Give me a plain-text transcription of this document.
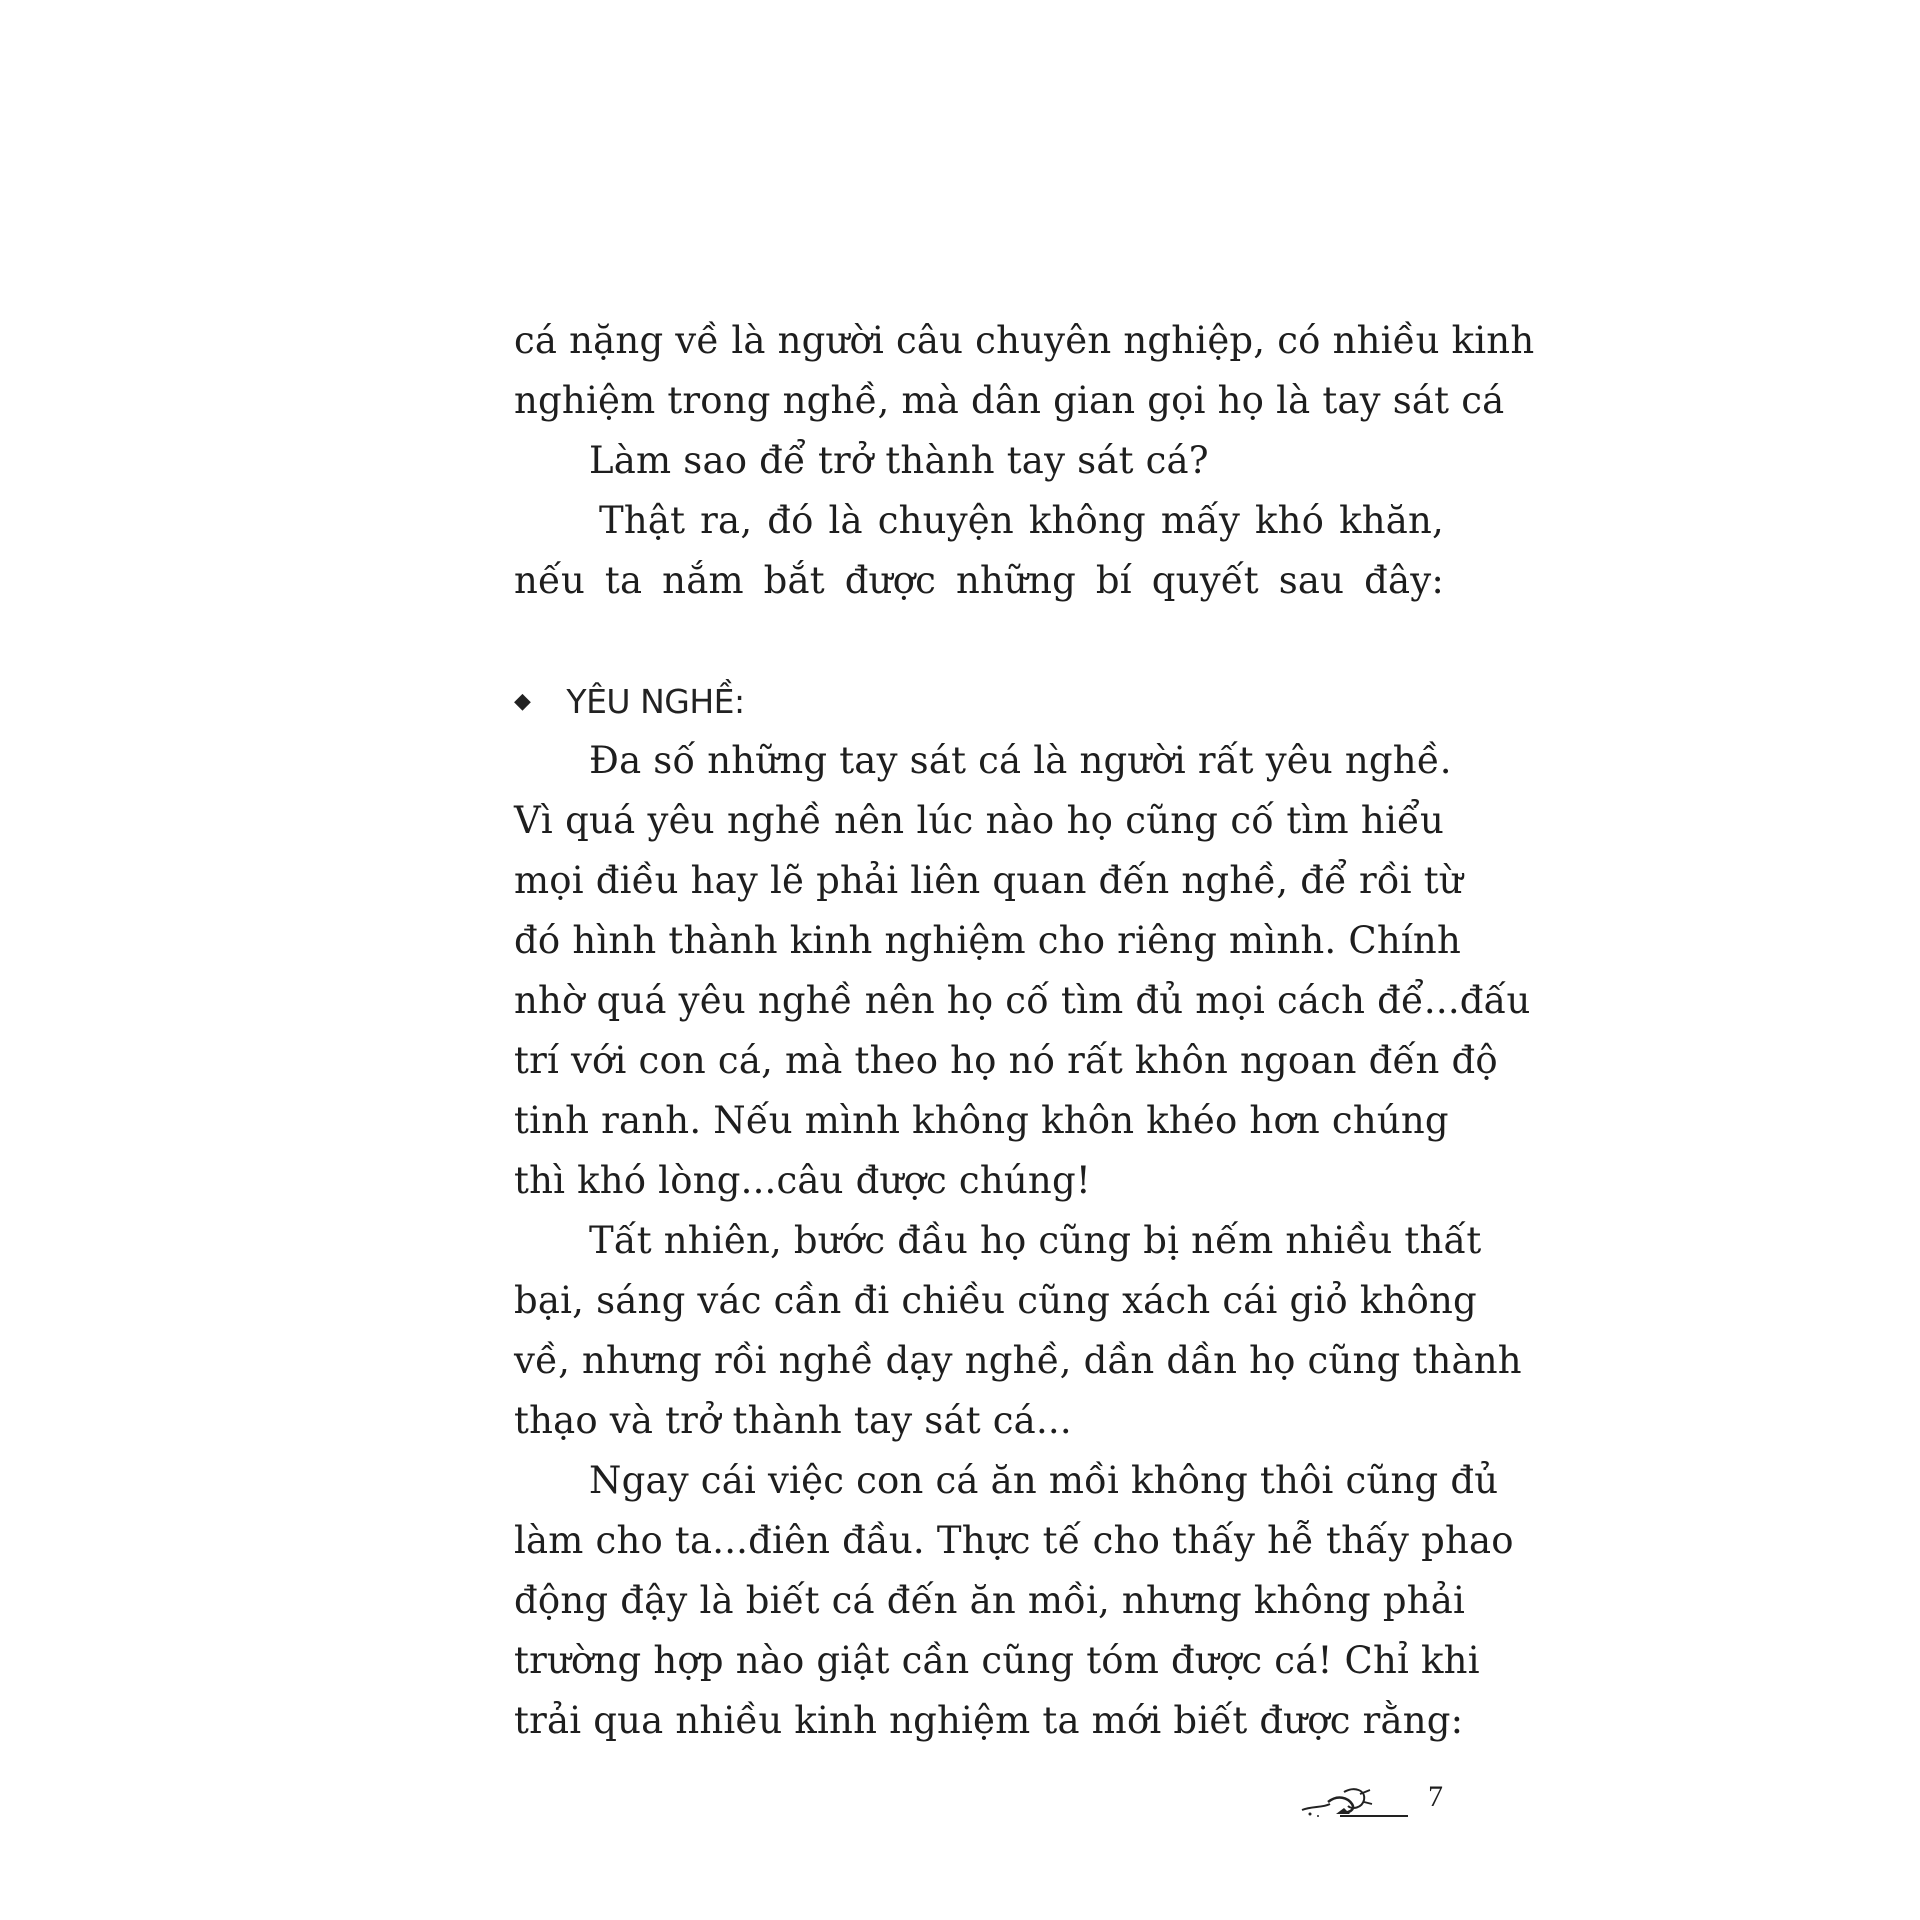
cá nặng về là người câu chuyên nghiệp, có nhiều kinh
nghiệm trong nghề, mà dân gian gọi họ là tay sát cá
Làm sao để trở thành tay sát cá?
Thật ra, đó là chuyện không mấy khó khăn,
nếu ta nắm bắt được những bí quyết sau đây:
◆ YÊU NGHỀ:
Đa số những tay sát cá là người rất yêu nghề.
Vì quá yêu nghề nên lúc nào họ cũng cố tìm hiểu
mọi điều hay lẽ phải liên quan đến nghề, để rồi từ
đó hình thành kinh nghiệm cho riêng mình. Chính
nhờ quá yêu nghề nên họ cố tìm đủ mọi cách để...đấu
trí với con cá, mà theo họ nó rất khôn ngoan đến độ
tinh ranh. Nếu mình không khôn khéo hơn chúng
thì khó lòng...câu được chúng!
Tất nhiên, bước đầu họ cũng bị nếm nhiều thất
bại, sáng vác cần đi chiều cũng xách cái giỏ không
về, nhưng rồi nghề dạy nghề, dần dần họ cũng thành
thạo và trở thành tay sát cá...
Ngay cái việc con cá ăn mồi không thôi cũng đủ
làm cho ta...điên đầu. Thực tế cho thấy hễ thấy phao
động đậy là biết cá đến ăn mồi, nhưng không phải
trường hợp nào giật cần cũng tóm được cá! Chỉ khi
trải qua nhiều kinh nghiệm ta mới biết được rằng:
7
